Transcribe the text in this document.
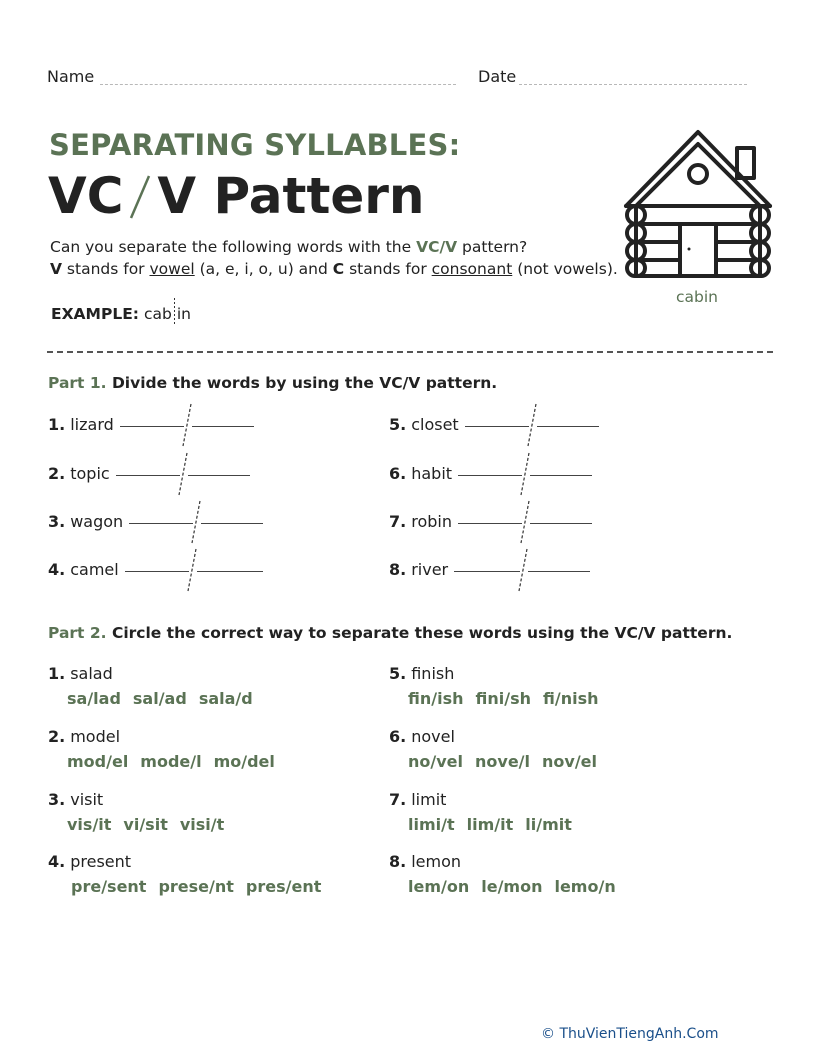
Name	Date
SEPARATING SYLLABLES:
VC V Pattern
Can you separate the following words with the VC/V pattern?
V stands for vowel (a, e, i, o, u) and C stands for consonant (not vowels).
EXAMPLE: cab in
cabin
Part 1. Divide the words by using the VC/V pattern.
1. lizard
2. topic
3. wagon
4. camel
5. closet
6. habit
7. robin
8. river
Part 2. Circle the correct way to separate these words using the VC/V pattern.
1. salad
sa/lad sal/ad sala/d
2. model
mod/el mode/l mo/del
3. visit
vis/it vi/sit visi/t
4. present
pre/sent prese/nt pres/ent
5. finish
fin/ish fini/sh fi/nish
6. novel
no/vel nove/l nov/el
7. limit
limi/t lim/it li/mit
8. lemon
lem/on le/mon lemo/n
© ThuVienTiengAnh.Com
